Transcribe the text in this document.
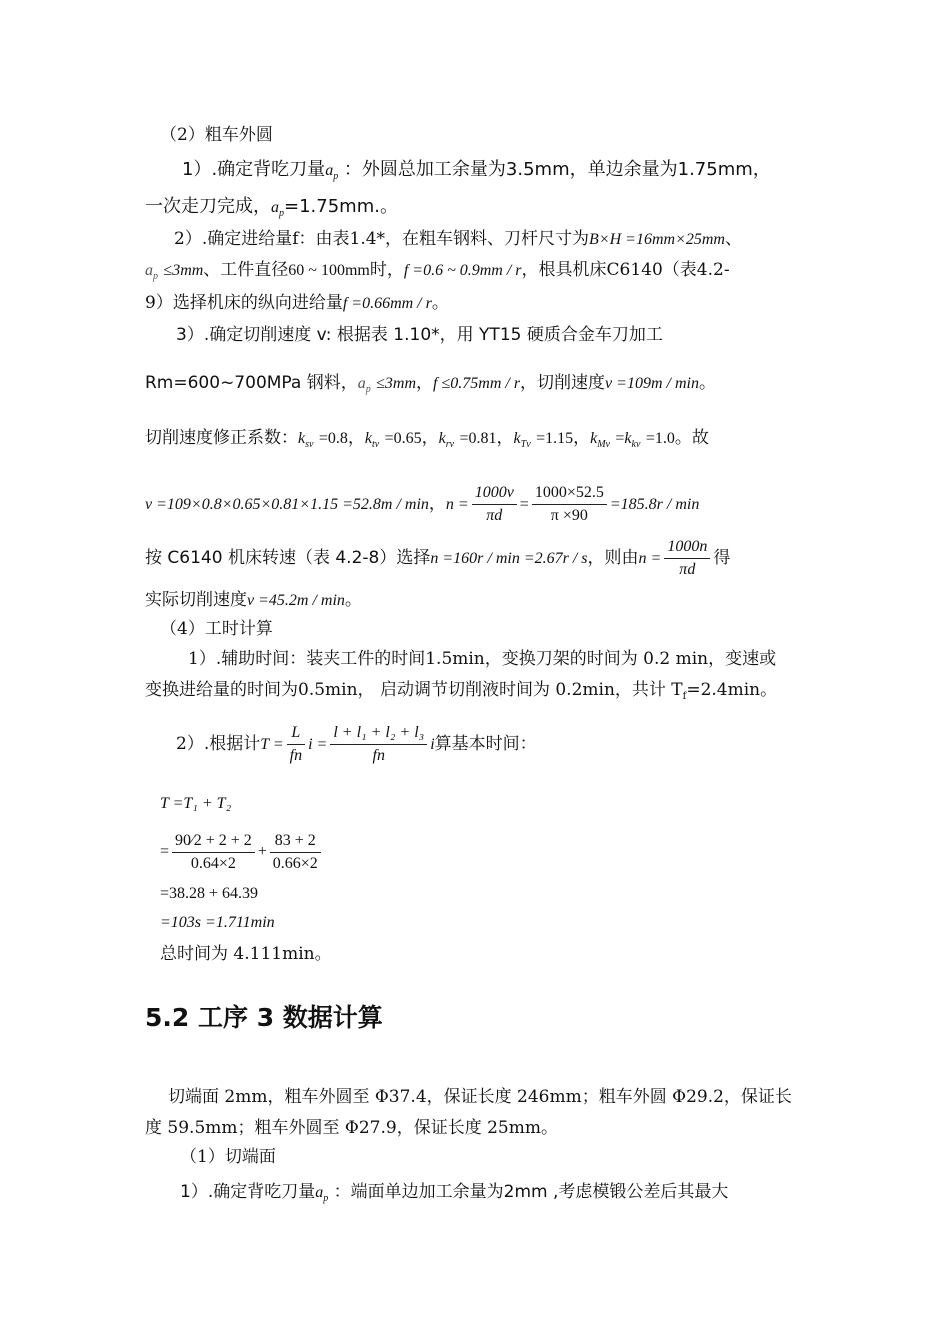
（2）粗车外圆
1）.确定背吃刀量$a_p$ ：外圆总加工余量为3.5mm，单边余量为1.75mm，
一次走刀完成，$a_p=1.75mm$.。
2）.确定进给量f：由表1.4*，在粗车钢料、刀杆尺寸为B×H =16mm×25mm、
$a_p \le 3mm$、工件直径60 ~ 100mm时，f =0.6 ~ 0.9mm / r，根具机床C6140（表4.2-
9）选择机床的纵向进给量f =0.66mm / r。
3）.确定切削速度 v: 根据表 1.10*，用 YT15 硬质合金车刀加工
Rm=600~700MPa 钢料，$a_p \le 3mm$，f ≤0.75mm / r，切削速度v =109m / min。
切削速度修正系数：$k_{sv} =0.8$，$k_{tv} =0.65$，$k_{rv} =0.81$，$k_{Tv} =1.15$，$k_{Mv} =k_{kv} =1.0$。故
v =109×0.8×0.65×0.81×1.15 =52.8m / min，$n = \frac{1000v}{\pi d} = \frac{1000\times 52.5}{\pi \times 90} =185.8r / \min$
按 C6140 机床转速（表 4.2-8）选择n =160r / min =2.67r / s，则由$n = \frac{1000n}{\pi d}$ 得
实际切削速度v =45.2m / min。
（4）工时计算
1）.辅助时间：装夹工件的时间1.5min，变换刀架的时间为 0.2 min，变速或
变换进给量的时间为0.5min， 启动调节切削液时间为 0.2min，共计 $T_f=2.4\min$。
2）.根据计$T = \frac{L}{fn}$ $i = \frac{\text{l + l₁ + l₂ + l₃}}{fn}$ i算基本时间：
T =T₁ + T₂
= $\frac{90⁄2 + 2 + 2}{0.64\times 2} + \frac{83 + 2}{0.66\times 2}$
=38.28 + 64.39
=103s =1.711min
总时间为 4.111min。
5.2 工序 3 数据计算
切端面 2mm，粗车外圆至 Φ37.4，保证长度 246mm；粗车外圆 Φ29.2，保证长
度 59.5mm；粗车外圆至 Φ27.9，保证长度 25mm。
（1）切端面
1）.确定背吃刀量$a_p$ ：端面单边加工余量为2mm ,考虑模锻公差后其最大
